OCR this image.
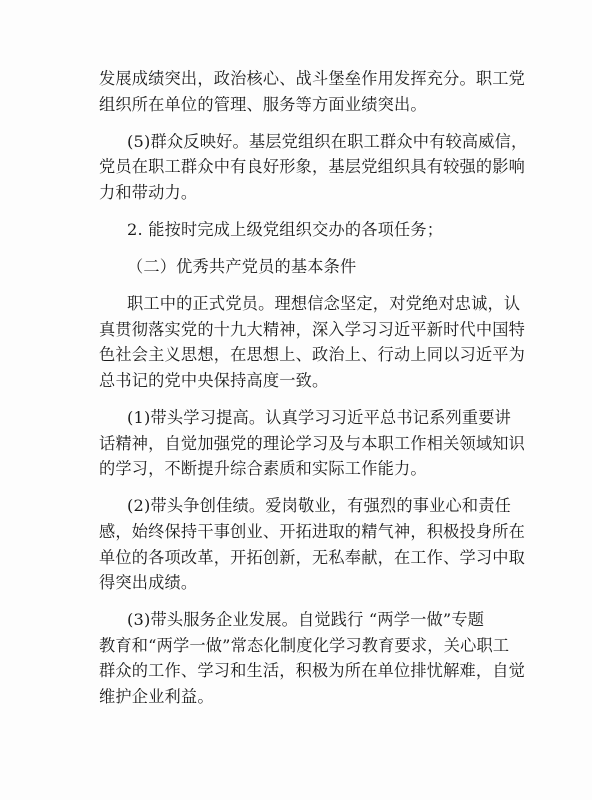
发展成绩突出，政治核心、战斗堡垒作用发挥充分。职工党
组织所在单位的管理、服务等方面业绩突出。
(5)群众反映好。基层党组织在职工群众中有较高威信，
党员在职工群众中有良好形象，基层党组织具有较强的影响
力和带动力。
2. 能按时完成上级党组织交办的各项任务；
（二）优秀共产党员的基本条件
职工中的正式党员。理想信念坚定，对党绝对忠诚，认
真贯彻落实党的十九大精神，深入学习习近平新时代中国特
色社会主义思想，在思想上、政治上、行动上同以习近平为
总书记的党中央保持高度一致。
(1)带头学习提高。认真学习习近平总书记系列重要讲
话精神，自觉加强党的理论学习及与本职工作相关领域知识
的学习，不断提升综合素质和实际工作能力。
(2)带头争创佳绩。爱岗敬业，有强烈的事业心和责任
感，始终保持干事创业、开拓进取的精气神，积极投身所在
单位的各项改革，开拓创新，无私奉献，在工作、学习中取
得突出成绩。
(3)带头服务企业发展。自觉践行 “两学一做”专题
教育和“两学一做”常态化制度化学习教育要求，关心职工
群众的工作、学习和生活，积极为所在单位排忧解难，自觉
维护企业利益。
